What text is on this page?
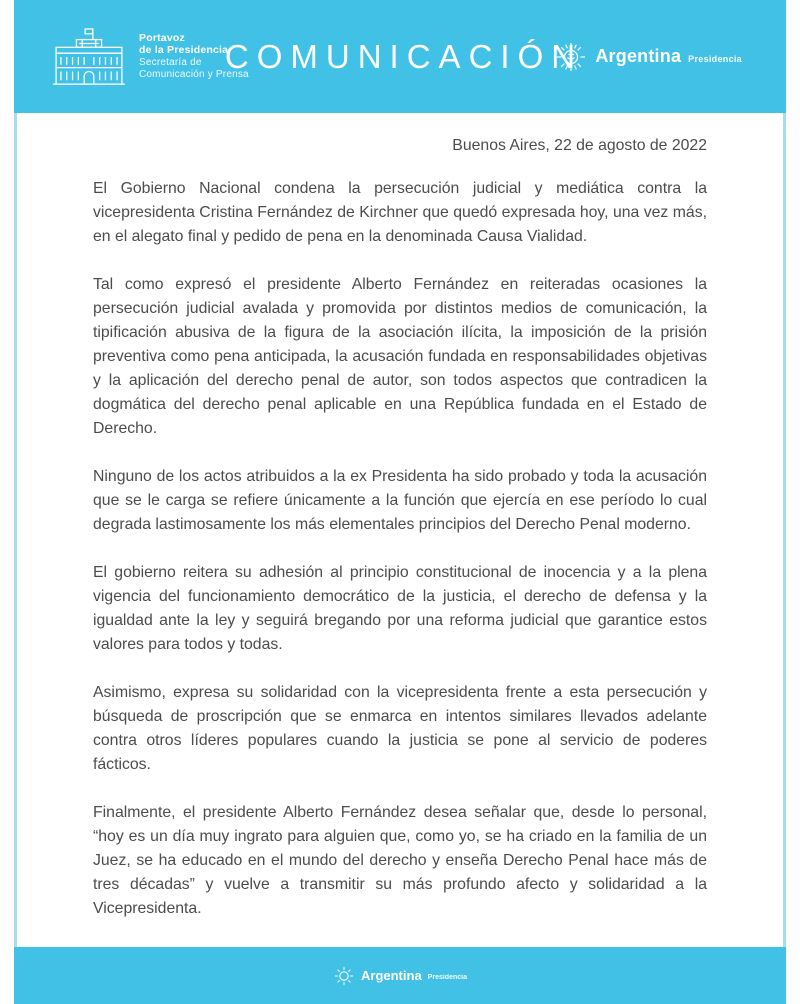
Portavoz
de la Presidencia
Secretaría de
Comunicación y Prensa
COMUNICACIÓN Argentina Presidencia
Buenos Aires, 22 de agosto de 2022

El Gobierno Nacional condena la persecución judicial y mediática contra la vicepresidenta Cristina Fernández de Kirchner que quedó expresada hoy, una vez más, en el alegato final y pedido de pena en la denominada Causa Vialidad.

Tal como expresó el presidente Alberto Fernández en reiteradas ocasiones la persecución judicial avalada y promovida por distintos medios de comunicación, la tipificación abusiva de la figura de la asociación ilícita, la imposición de la prisión preventiva como pena anticipada, la acusación fundada en responsabilidades objetivas y la aplicación del derecho penal de autor, son todos aspectos que contradicen la dogmática del derecho penal aplicable en una República fundada en el Estado de Derecho.

Ninguno de los actos atribuidos a la ex Presidenta ha sido probado y toda la acusación que se le carga se refiere únicamente a la función que ejercía en ese período lo cual degrada lastimosamente los más elementales principios del Derecho Penal moderno.

El gobierno reitera su adhesión al principio constitucional de inocencia y a la plena vigencia del funcionamiento democrático de la justicia, el derecho de defensa y la igualdad ante la ley y seguirá bregando por una reforma judicial que garantice estos valores para todos y todas.

Asimismo, expresa su solidaridad con la vicepresidenta frente a esta persecución y búsqueda de proscripción que se enmarca en intentos similares llevados adelante contra otros líderes populares cuando la justicia se pone al servicio de poderes fácticos.

Finalmente, el presidente Alberto Fernández desea señalar que, desde lo personal, “hoy es un día muy ingrato para alguien que, como yo, se ha criado en la familia de un Juez, se ha educado en el mundo del derecho y enseña Derecho Penal hace más de tres décadas” y vuelve a transmitir su más profundo afecto y solidaridad a la Vicepresidenta.

Argentina Presidencia
